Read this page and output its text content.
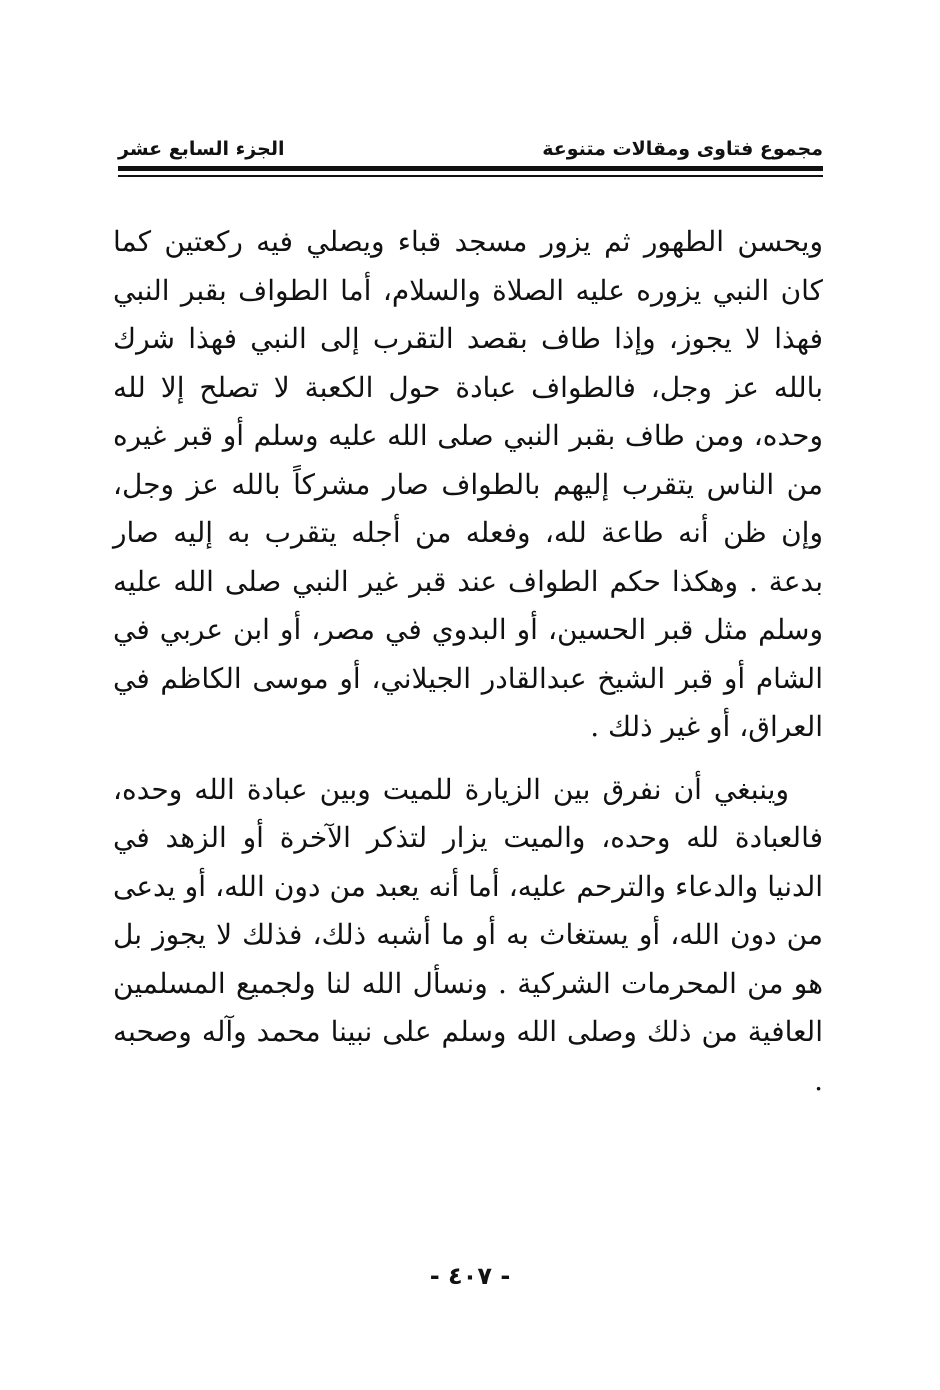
مجموع فتاوى ومقالات متنوعة
الجزء السابع عشر

ويحسن الطهور ثم يزور مسجد قباء ويصلي فيه ركعتين كما كان النبي يزوره عليه الصلاة والسلام، أما الطواف بقبر النبي فهذا لا يجوز، وإذا طاف بقصد التقرب إلى النبي فهذا شرك بالله عز وجل، فالطواف عبادة حول الكعبة لا تصلح إلا لله وحده، ومن طاف بقبر النبي صلى الله عليه وسلم أو قبر غيره من الناس يتقرب إليهم بالطواف صار مشركاً بالله عز وجل، وإن ظن أنه طاعة لله، وفعله من أجله يتقرب به إليه صار بدعة . وهكذا حكم الطواف عند قبر غير النبي صلى الله عليه وسلم مثل قبر الحسين، أو البدوي في مصر، أو ابن عربي في الشام أو قبر الشيخ عبدالقادر الجيلاني، أو موسى الكاظم في العراق، أو غير ذلك .

وينبغي أن نفرق بين الزيارة للميت وبين عبادة الله وحده، فالعبادة لله وحده، والميت يزار لتذكر الآخرة أو الزهد في الدنيا والدعاء والترحم عليه، أما أنه يعبد من دون الله، أو يدعى من دون الله، أو يستغاث به أو ما أشبه ذلك، فذلك لا يجوز بل هو من المحرمات الشركية . ونسأل الله لنا ولجميع المسلمين العافية من ذلك وصلى الله وسلم على نبينا محمد وآله وصحبه .

- ٤٠٧ -
